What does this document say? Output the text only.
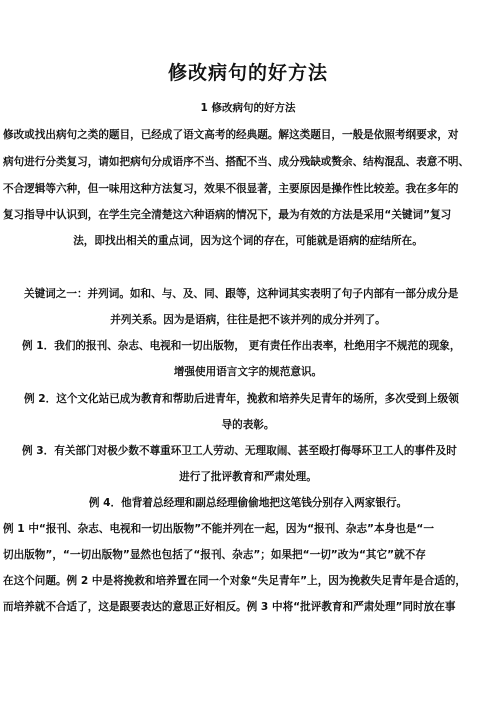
修改病句的好方法
1 修改病句的好方法
修改或找出病句之类的题目，已经成了语文高考的经典题。解这类题目，一般是依照考纲要求，对
病句进行分类复习，请如把病句分成语序不当、搭配不当、成分残缺或赘余、结构混乱、表意不明、
不合逻辑等六种，但一味用这种方法复习，效果不很显著，主要原因是操作性比较差。我在多年的
复习指导中认识到，在学生完全清楚这六种语病的情况下，最为有效的方法是采用“关键词”复习
法，即找出相关的重点词，因为这个词的存在，可能就是语病的症结所在。
关键词之一：并列词。如和、与、及、同、跟等，这种词其实表明了句子内部有一部分成分是
并列关系。因为是语病，往往是把不该并列的成分并列了。
例 1．我们的报刊、杂志、电视和一切出版物， 更有责任作出表率，杜绝用字不规范的现象，
增强使用语言文字的规范意识。
例 2．这个文化站已成为教育和帮助后进青年，挽救和培养失足青年的场所，多次受到上级领
导的表彰。
例 3．有关部门对极少数不尊重环卫工人劳动、无理取闹、甚至殴打侮辱环卫工人的事件及时
进行了批评教育和严肃处理。
例 4．他背着总经理和副总经理偷偷地把这笔钱分别存入两家银行。
例 1 中“报刊、杂志、电视和一切出版物”不能并列在一起，因为“报刊、杂志”本身也是“一
切出版物”，“一切出版物”显然也包括了“报刊、杂志”；如果把“一切”改为“其它”就不存
在这个问题。例 2 中是将挽救和培养置在同一个对象“失足青年”上，因为挽救失足青年是合适的，
而培养就不合适了，这是跟要表达的意思正好相反。例 3 中将“批评教育和严肃处理”同时放在事
